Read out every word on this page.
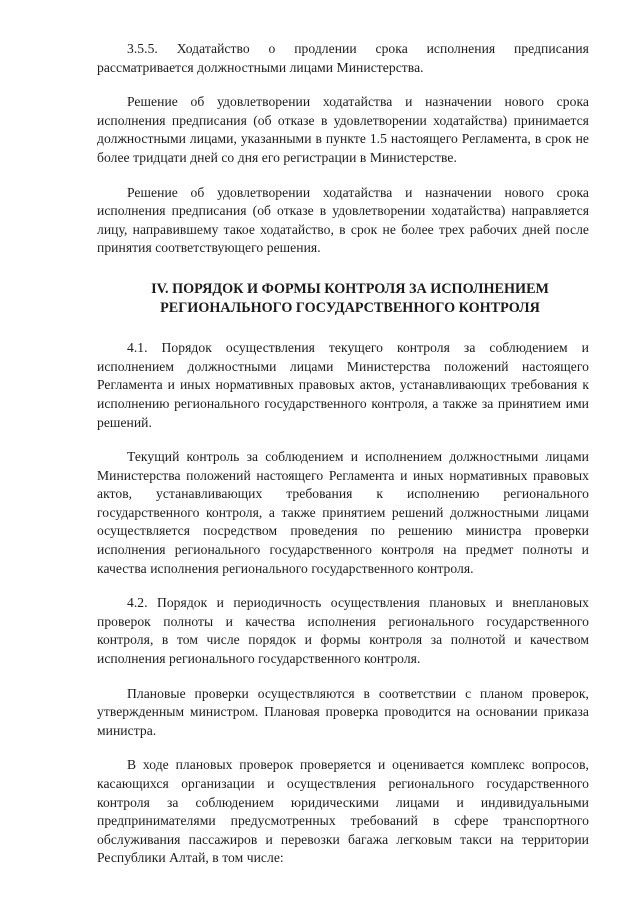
3.5.5. Ходатайство о продлении срока исполнения предписания рассматривается должностными лицами Министерства.

Решение об удовлетворении ходатайства и назначении нового срока исполнения предписания (об отказе в удовлетворении ходатайства) принимается должностными лицами, указанными в пункте 1.5 настоящего Регламента, в срок не более тридцати дней со дня его регистрации в Министерстве.

Решение об удовлетворении ходатайства и назначении нового срока исполнения предписания (об отказе в удовлетворении ходатайства) направляется лицу, направившему такое ходатайство, в срок не более трех рабочих дней после принятия соответствующего решения.

IV. ПОРЯДОК И ФОРМЫ КОНТРОЛЯ ЗА ИСПОЛНЕНИЕМ
РЕГИОНАЛЬНОГО ГОСУДАРСТВЕННОГО КОНТРОЛЯ

4.1. Порядок осуществления текущего контроля за соблюдением и исполнением должностными лицами Министерства положений настоящего Регламента и иных нормативных правовых актов, устанавливающих требования к исполнению регионального государственного контроля, а также за принятием ими решений.

Текущий контроль за соблюдением и исполнением должностными лицами Министерства положений настоящего Регламента и иных нормативных правовых актов, устанавливающих требования к исполнению регионального государственного контроля, а также принятием решений должностными лицами осуществляется посредством проведения по решению министра проверки исполнения регионального государственного контроля на предмет полноты и качества исполнения регионального государственного контроля.

4.2. Порядок и периодичность осуществления плановых и внеплановых проверок полноты и качества исполнения регионального государственного контроля, в том числе порядок и формы контроля за полнотой и качеством исполнения регионального государственного контроля.

Плановые проверки осуществляются в соответствии с планом проверок, утвержденным министром. Плановая проверка проводится на основании приказа министра.

В ходе плановых проверок проверяется и оценивается комплекс вопросов, касающихся организации и осуществления регионального государственного контроля за соблюдением юридическими лицами и индивидуальными предпринимателями предусмотренных требований в сфере транспортного обслуживания пассажиров и перевозки багажа легковым такси на территории Республики Алтай, в том числе:
